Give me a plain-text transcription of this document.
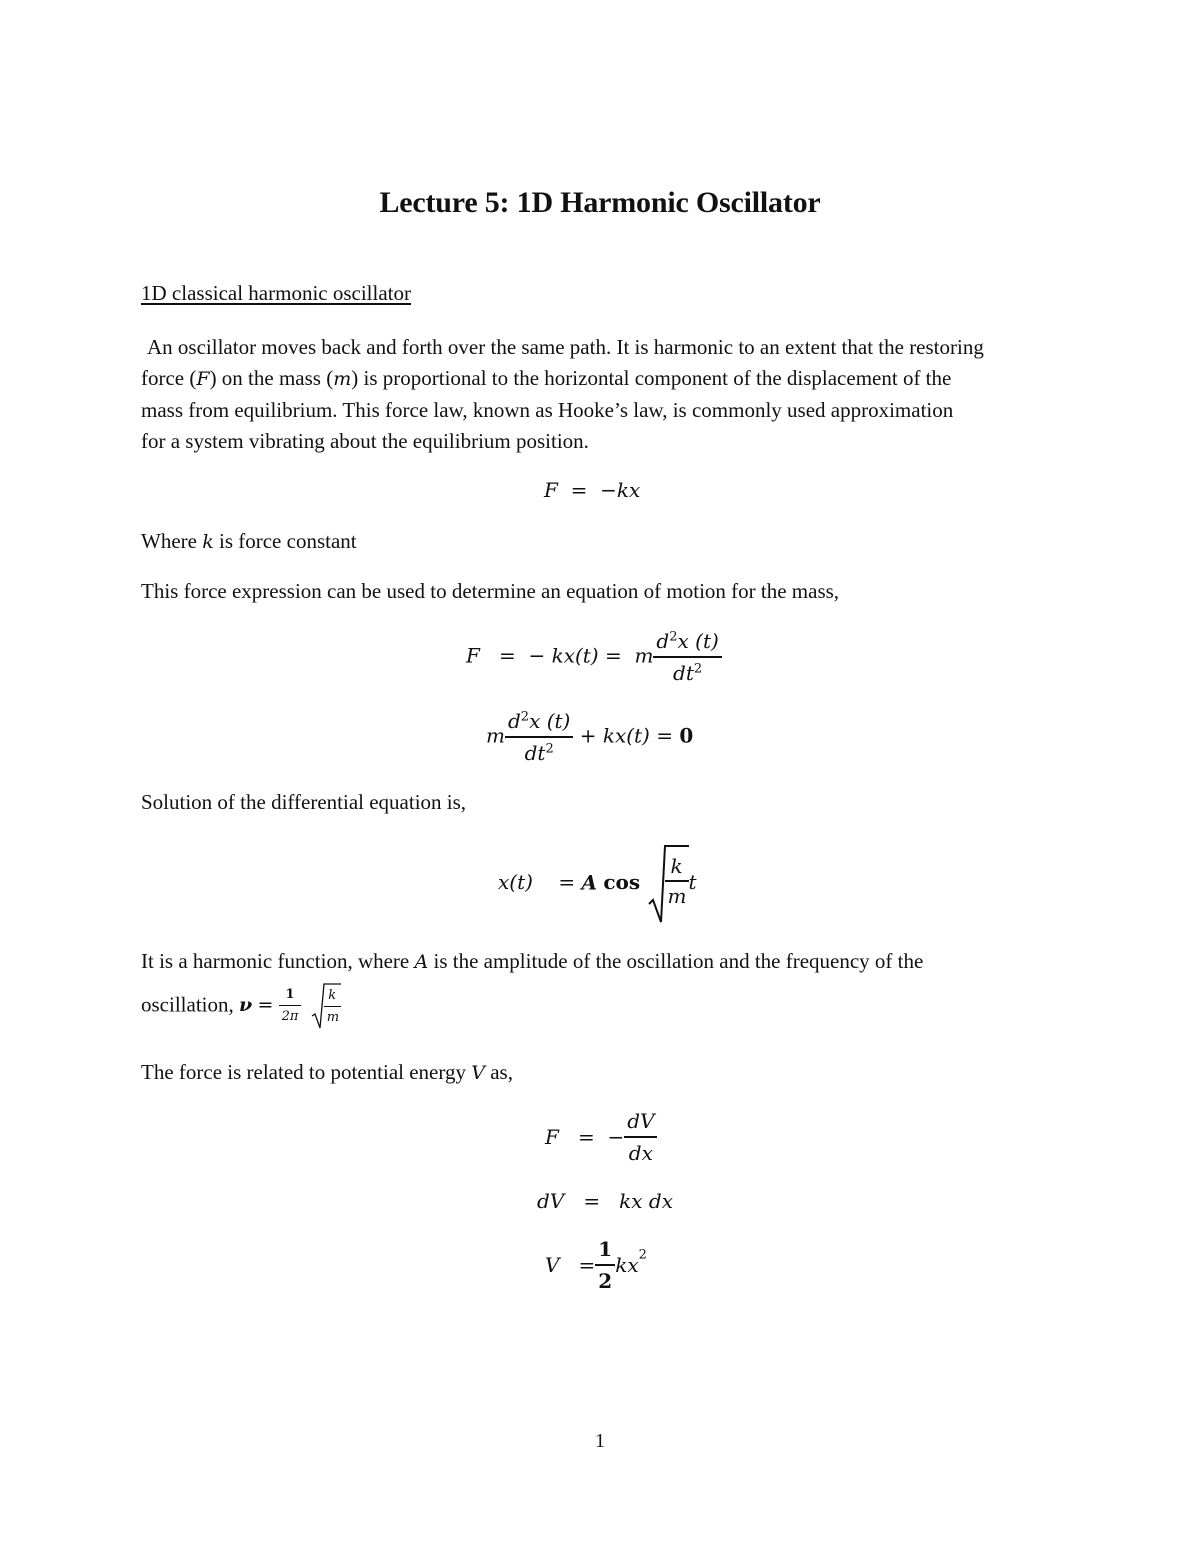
Lecture 5: 1D Harmonic Oscillator
1D classical harmonic oscillator
An oscillator moves back and forth over the same path. It is harmonic to an extent that the restoring
force (F) on the mass (m) is proportional to the horizontal component of the displacement of the
mass from equilibrium. This force law, known as Hooke’s law, is commonly used approximation
for a system vibrating about the equilibrium position.
F = −kx
Where k is force constant
This force expression can be used to determine an equation of motion for the mass,
F = − kx(t) = m $\frac{d^2x (t)}{dt^2}$
m $\frac{d^2x (t)}{dt^2} + kx(t) = 0$
Solution of the differential equation is,
x(t) = A $\cos \frac{k}{m}$ t
It is a harmonic function, where A is the amplitude of the oscillation and the frequency of the
oscillation, $\nu = \frac{1}{2\pi}$
$\frac{k}{m}$
The force is related to potential energy V as,
F = − $\frac{dV}{dx}$
dV = kx dx
$V = \frac{1}{2} kx^2$
1
